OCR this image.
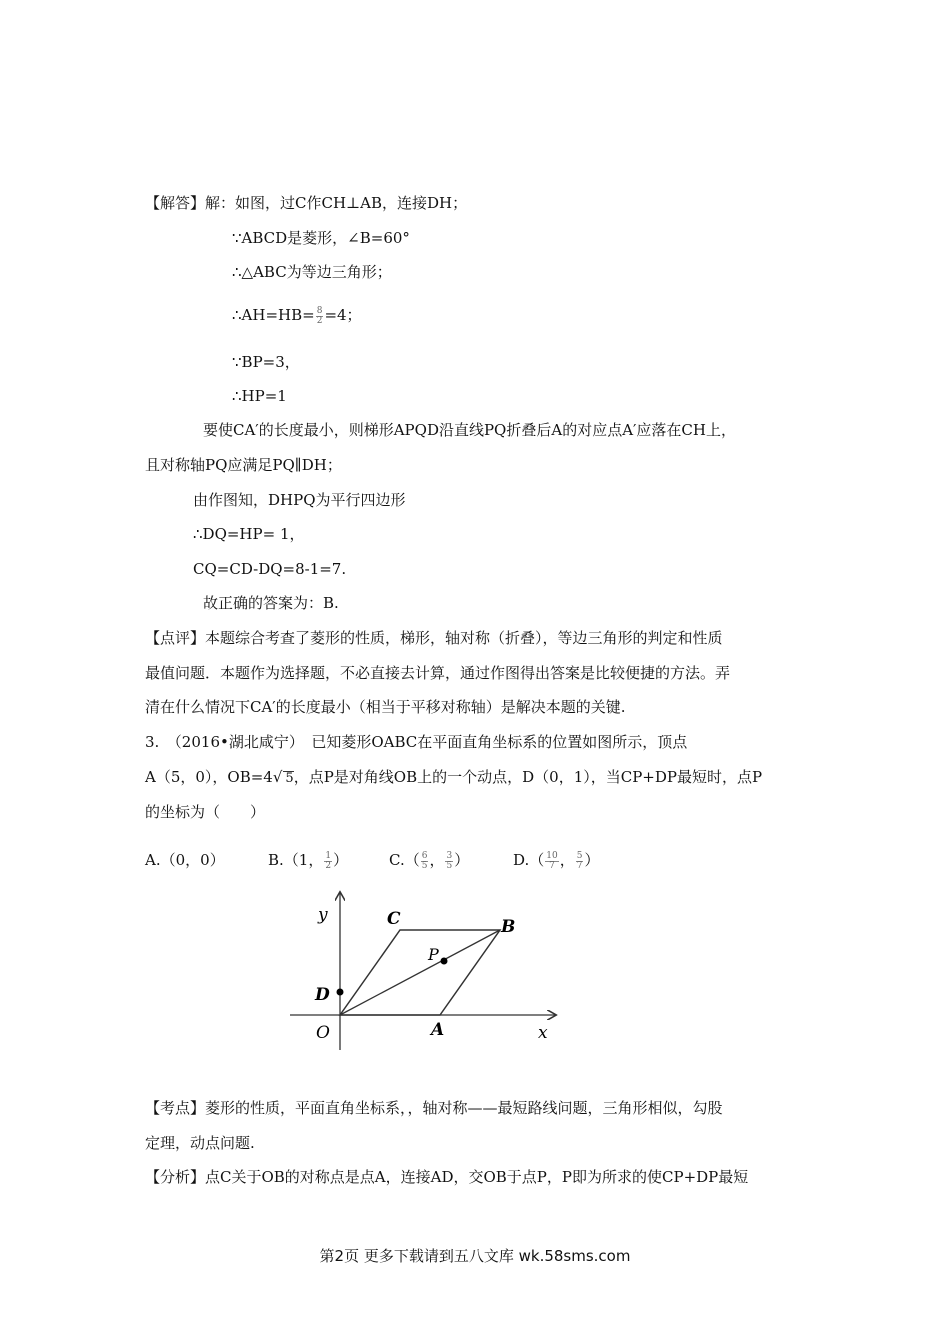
【解答】解：如图，过C作CH⊥AB，连接DH；
∵ABCD是菱形，∠B=60°
∴△ABC为等边三角形；
∴AH=HB= $\frac{8}{2} =4$；
∵BP=3，
∴HP=1
要使CA′的长度最小，则梯形APQD沿直线PQ折叠后A的对应点A′应落在CH上，
且对称轴PQ应满足PQ∥DH；
由作图知，DHPQ为平行四边形
∴DQ=HP= 1，
CQ=CD-DQ=8-1=7.
故正确的答案为：B.
【点评】本题综合考查了菱形的性质，梯形，轴对称（折叠），等边三角形的判定和性质
最值问题．本题作为选择题，不必直接去计算，通过作图得出答案是比较便捷的方法。弄
清在什么情况下CA′的长度最小（相当于平移对称轴）是解决本题的关键.
3.　（2016•湖北咸宁）　已知菱形OABC在平面直角坐标系的位置如图所示，顶点
A（5，0），OB=4√ 5，点P是对角线OB上的一个动点，D（0，1），当CP+DP最短时，点P
的坐标为（　　）
A.（0，0）	B.（1， $\frac{1}{2}$ ）	$C.( \frac{6}{5}$ ， $\frac{3}{5}$ ）	$D.( \frac{10}{7}$ ， $\frac{5}{7}$ ）
y
x
O	A
B
C
D
P
【考点】菱形的性质，平面直角坐标系，，轴对称——最短路线问题，三角形相似，勾股
定理，动点问题.
【分析】点C关于OB的对称点是点A，连接AD，交OB于点P，P即为所求的使CP+DP最短
第2页 更多下载请到五八文库 wk.58sms.com
